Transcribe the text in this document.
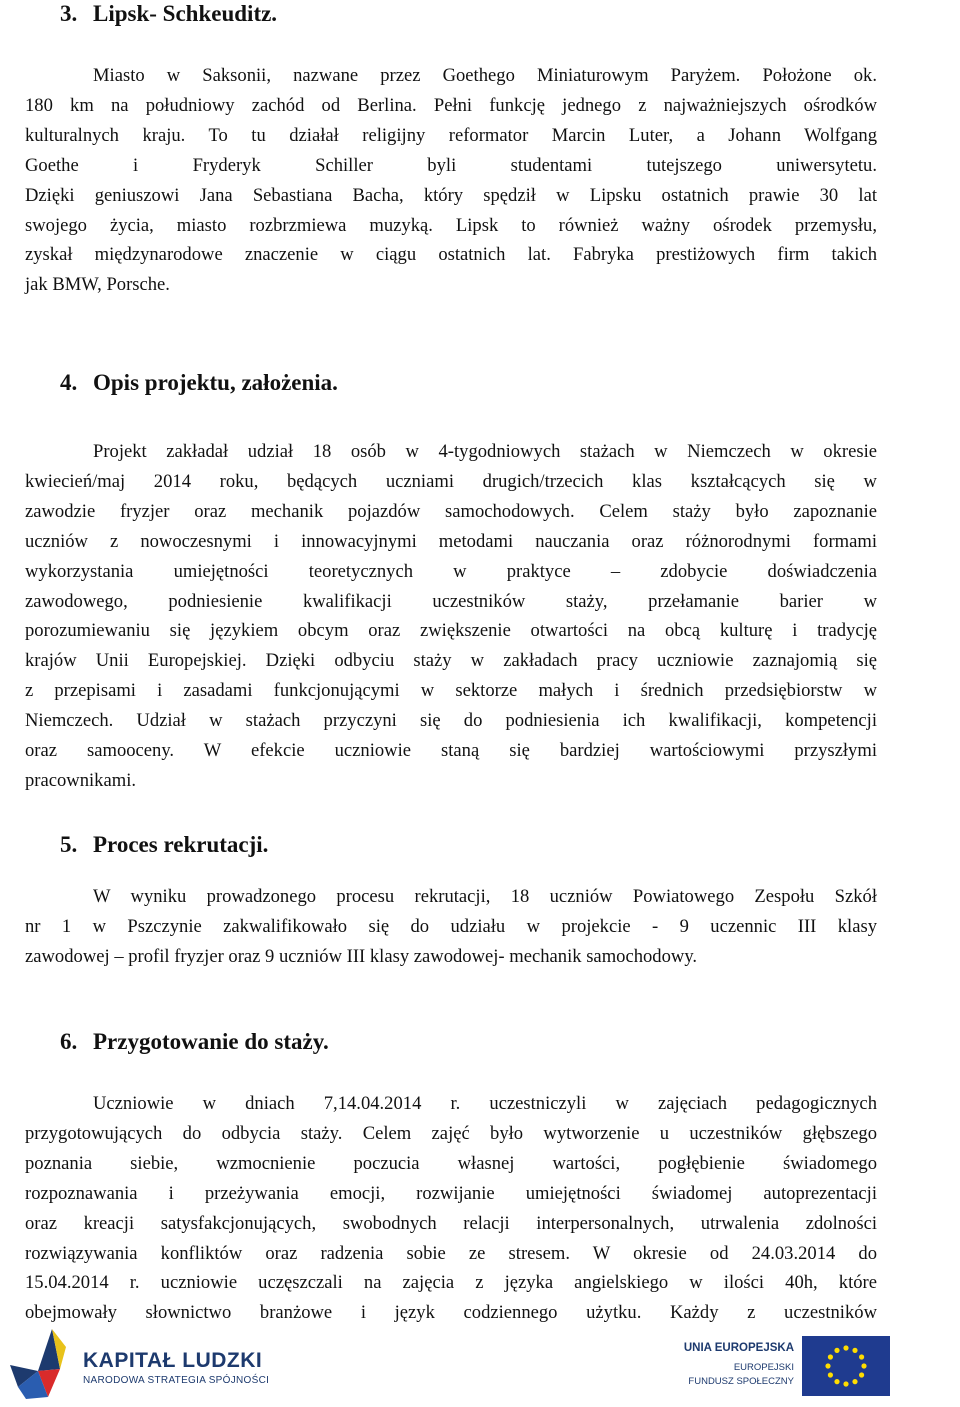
3. Lipsk- Schkeuditz.
Miasto w Saksonii, nazwane przez Goethego Miniaturowym Paryżem. Położone ok.
180 km na południowy zachód od Berlina. Pełni funkcję jednego z najważniejszych ośrodków
kulturalnych kraju. To tu działał religijny reformator Marcin Luter, a Johann Wolfgang
Goethe i Fryderyk Schiller byli studentami tutejszego uniwersytetu.
Dzięki geniuszowi Jana Sebastiana Bacha, który spędził w Lipsku ostatnich prawie 30 lat
swojego życia, miasto rozbrzmiewa muzyką. Lipsk to również ważny ośrodek przemysłu,
zyskał międzynarodowe znaczenie w ciągu ostatnich lat. Fabryka prestiżowych firm takich
jak BMW, Porsche.
4. Opis projektu, założenia.
Projekt zakładał udział 18 osób w 4-tygodniowych stażach w Niemczech w okresie
kwiecień/maj 2014 roku, będących uczniami drugich/trzecich klas kształcących się w
zawodzie fryzjer oraz mechanik pojazdów samochodowych. Celem staży było zapoznanie
uczniów z nowoczesnymi i innowacyjnymi metodami nauczania oraz różnorodnymi formami
wykorzystania umiejętności teoretycznych w praktyce – zdobycie doświadczenia
zawodowego, podniesienie kwalifikacji uczestników staży, przełamanie barier w
porozumiewaniu się językiem obcym oraz zwiększenie otwartości na obcą kulturę i tradycję
krajów Unii Europejskiej. Dzięki odbyciu staży w zakładach pracy uczniowie zaznajomią się
z przepisami i zasadami funkcjonującymi w sektorze małych i średnich przedsiębiorstw w
Niemczech. Udział w stażach przyczyni się do podniesienia ich kwalifikacji, kompetencji
oraz samooceny. W efekcie uczniowie staną się bardziej wartościowymi przyszłymi
pracownikami.
5. Proces rekrutacji.
W wyniku prowadzonego procesu rekrutacji, 18 uczniów Powiatowego Zespołu Szkół
nr 1 w Pszczynie zakwalifikowało się do udziału w projekcie - 9 uczennic III klasy
zawodowej – profil fryzjer oraz 9 uczniów III klasy zawodowej- mechanik samochodowy.
6. Przygotowanie do staży.
Uczniowie w dniach 7,14.04.2014 r. uczestniczyli w zajęciach pedagogicznych
przygotowujących do odbycia staży. Celem zajęć było wytworzenie u uczestników głębszego
poznania siebie, wzmocnienie poczucia własnej wartości, pogłębienie świadomego
rozpoznawania i przeżywania emocji, rozwijanie umiejętności świadomej autoprezentacji
oraz kreacji satysfakcjonujących, swobodnych relacji interpersonalnych, utrwalenia zdolności
rozwiązywania konfliktów oraz radzenia sobie ze stresem. W okresie od 24.03.2014 do
15.04.2014 r. uczniowie uczęszczali na zajęcia z języka angielskiego w ilości 40h, które
obejmowały słownictwo branżowe i język codziennego użytku. Każdy z uczestników
KAPITAŁ LUDZKI
NARODOWA STRATEGIA SPÓJNOŚCI
UNIA EUROPEJSKA
EUROPEJSKI
FUNDUSZ SPOŁECZNY
